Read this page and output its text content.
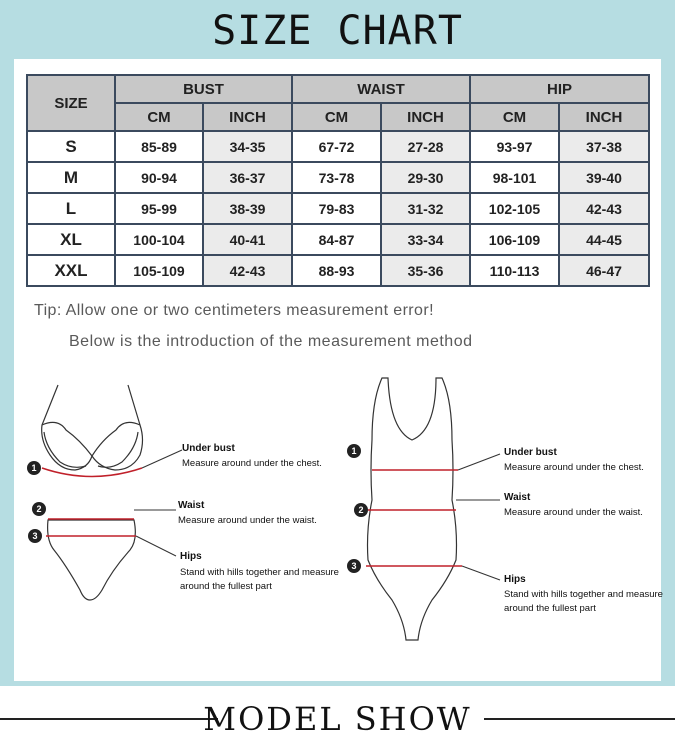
SIZE CHART
SIZE	BUST		WAIST		HIP	
	CM	INCH	CM	INCH	CM	INCH
S	85-89	34-35	67-72	27-28	93-97	37-38
M	90-94	36-37	73-78	29-30	98-101	39-40
L	95-99	38-39	79-83	31-32	102-105	42-43
XL	100-104	40-41	84-87	33-34	106-109	44-45
XXL	105-109	42-43	88-93	35-36	110-113	46-47
Tip: Allow one or two centimeters measurement error!
Below is the introduction of the measurement method
1
2
3
Under bust
Measure around under the chest.
Waist
Measure around under the waist.
Hips
Stand with hills together and measure
around the fullest part
1
2
3
Under bust
Measure around under the chest.
Waist
Measure around under the waist.
Hips
Stand with hills together and measure
around the fullest part
MODEL SHOW
